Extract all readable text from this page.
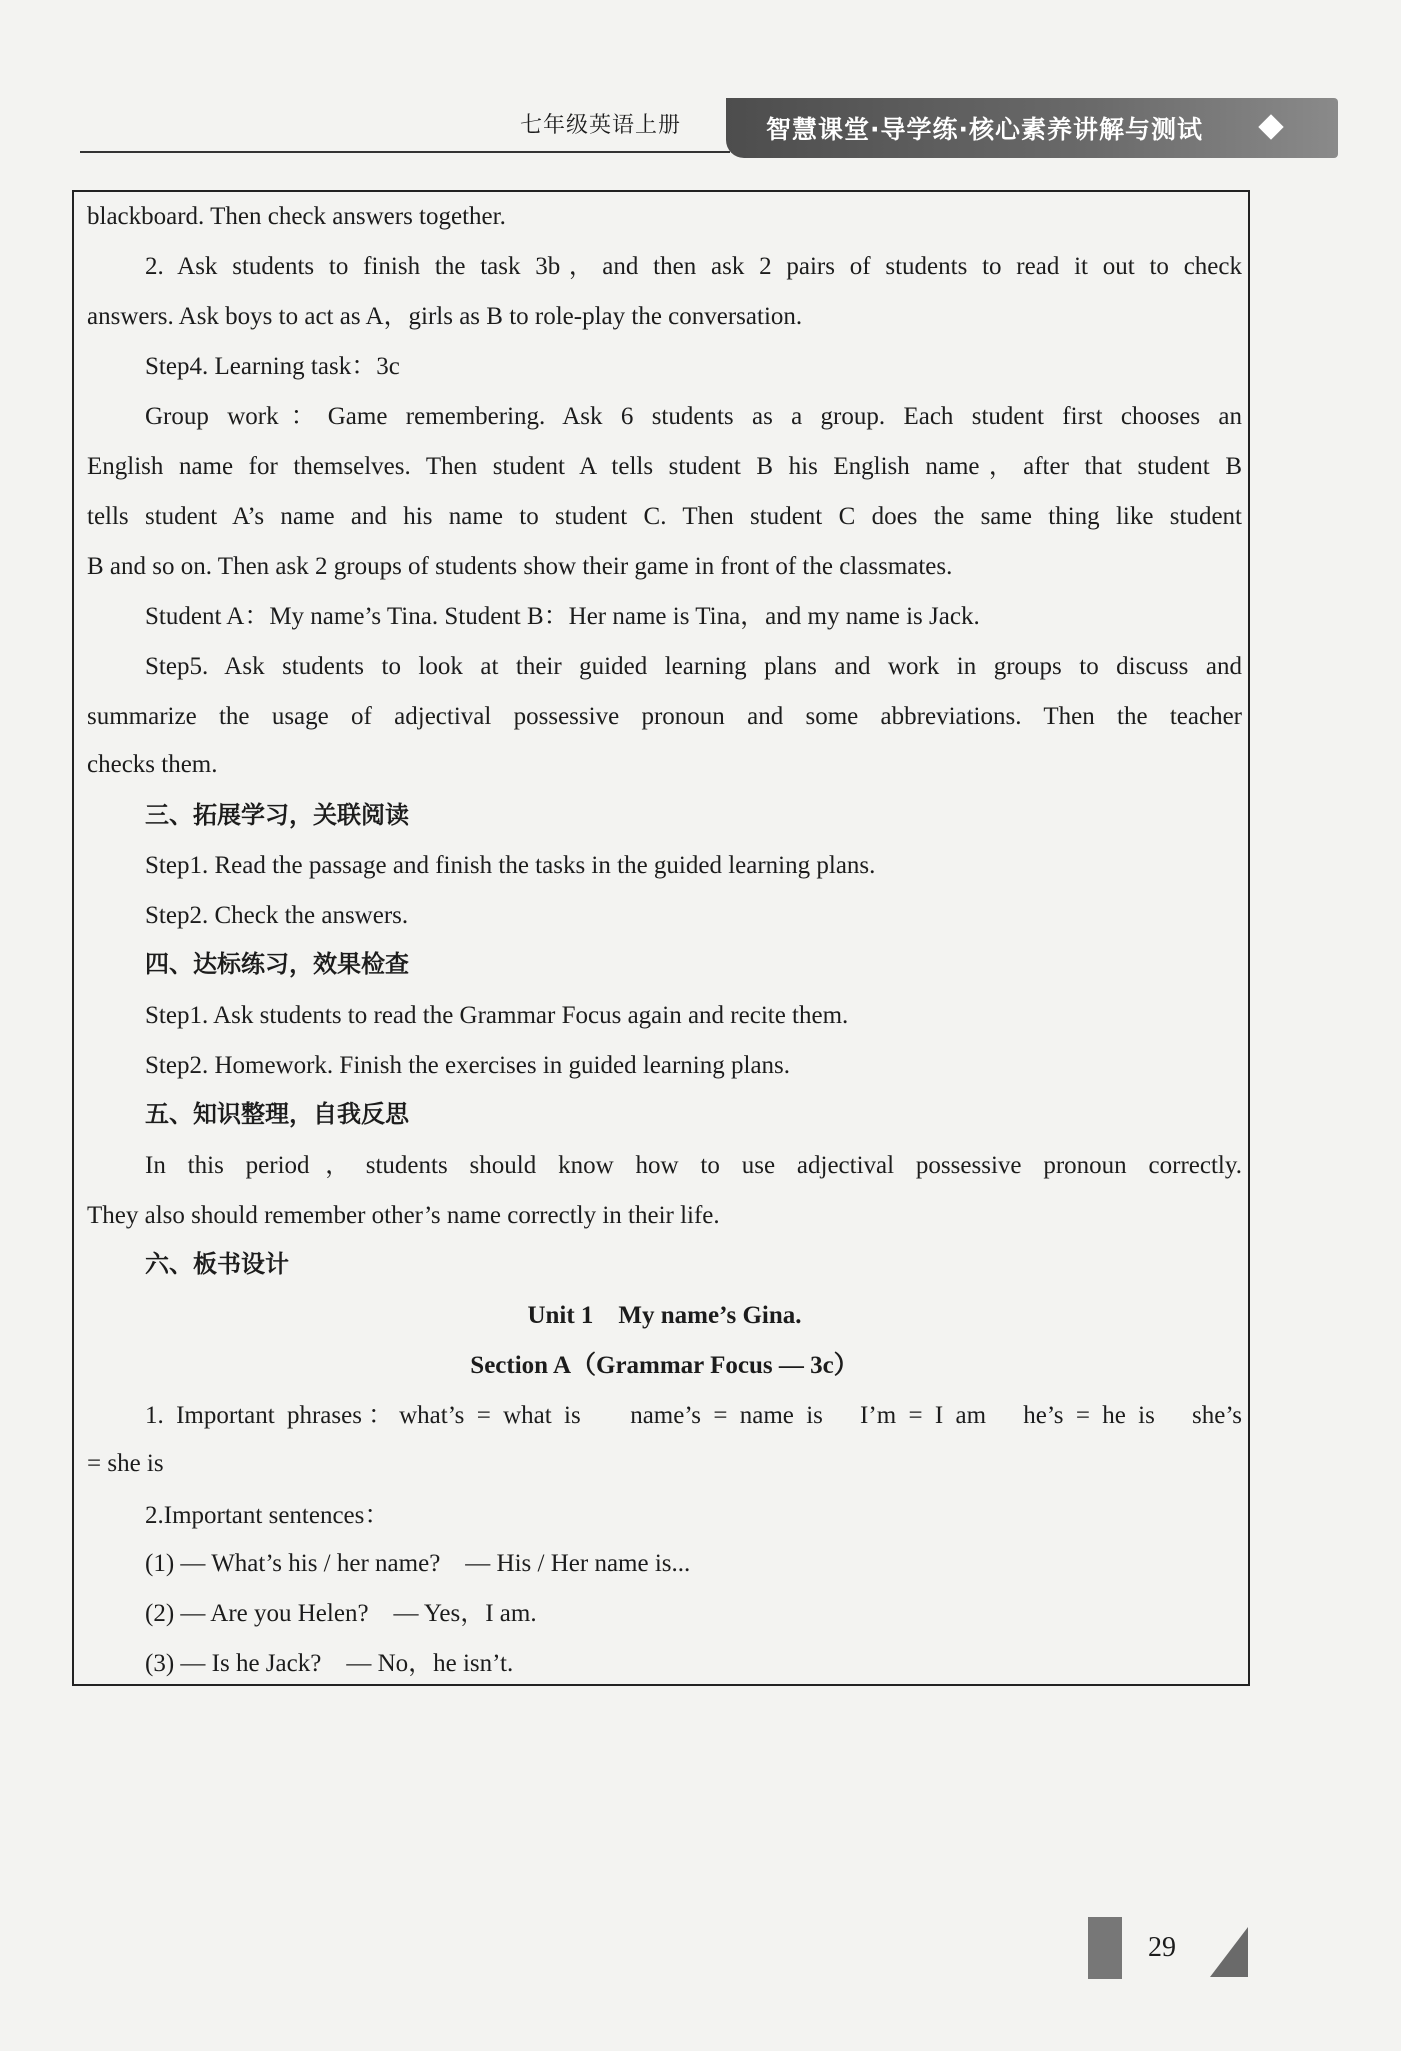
七年级英语上册	智慧课堂·导学练·核心素养讲解与测试
blackboard. Then check answers together.
2. Ask students to finish the task 3b，and then ask 2 pairs of students to read it out to check
answers. Ask boys to act as A，girls as B to role-play the conversation.
Step4. Learning task：3c
Group work：Game remembering. Ask 6 students as a group. Each student first chooses an
English name for themselves. Then student A tells student B his English name，after that student B
tells student A’s name and his name to student C. Then student C does the same thing like student
B and so on. Then ask 2 groups of students show their game in front of the classmates.
Student A：My name’s Tina. Student B：Her name is Tina，and my name is Jack.
Step5. Ask students to look at their guided learning plans and work in groups to discuss and
summarize the usage of adjectival possessive pronoun and some abbreviations. Then the teacher
checks them.
三、拓展学习，关联阅读
Step1. Read the passage and finish the tasks in the guided learning plans.
Step2. Check the answers.
四、达标练习，效果检查
Step1. Ask students to read the Grammar Focus again and recite them.
Step2. Homework. Finish the exercises in guided learning plans.
五、知识整理，自我反思
In this period，students should know how to use adjectival possessive pronoun correctly.
They also should remember other’s name correctly in their life.
六、板书设计
Unit 1　My name’s Gina.
Section A（Grammar Focus — 3c）
1. Important phrases：what’s = what is　 name’s = name is　I’m = I am　he’s = he is　she’s
= she is
2.Important sentences：
(1) — What’s his / her name?　— His / Her name is...
(2) — Are you Helen?　— Yes，I am.
(3) — Is he Jack?　— No，he isn’t.
29
